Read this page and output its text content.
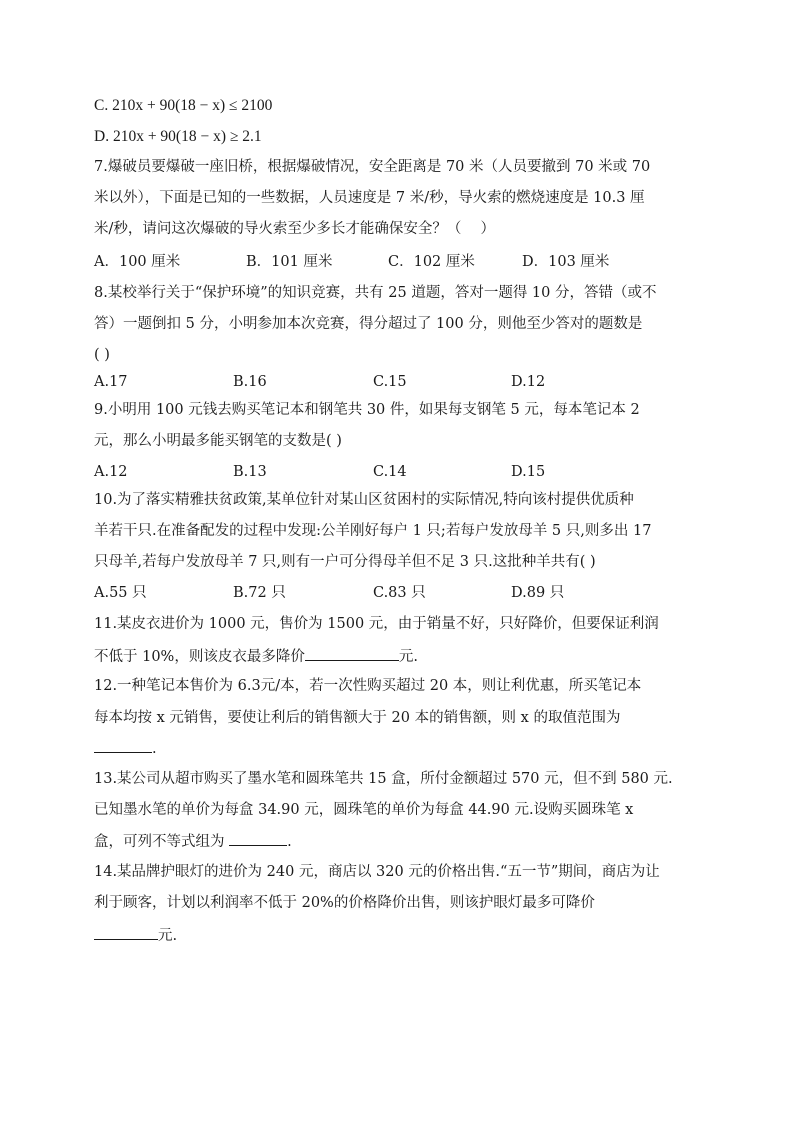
C. 210x + 90(18 − x) ≤ 2100
D. 210x + 90(18 − x) ≥ 2.1
7.爆破员要爆破一座旧桥，根据爆破情况，安全距离是 70 米（人员要撤到 70 米或 70
米以外），下面是已知的一些数据，人员速度是 7 米/秒，导火索的燃烧速度是 10.3 厘
米/秒，请问这次爆破的导火索至少多长才能确保安全？（　 ）
A．100 厘米	B．101 厘米	C．102 厘米	D．103 厘米
8.某校举行关于“保护环境”的知识竞赛，共有 25 道题，答对一题得 10 分，答错（或不
答）一题倒扣 5 分，小明参加本次竞赛，得分超过了 100 分，则他至少答对的题数是
( )
A.17	B.16	C.15	D.12
9.小明用 100 元钱去购买笔记本和钢笔共 30 件，如果每支钢笔 5 元，每本笔记本 2
元，那么小明最多能买钢笔的支数是( )
A.12	B.13	C.14	D.15
10.为了落实精雅扶贫政策,某单位针对某山区贫困村的实际情况,特向该村提供优质种
羊若干只.在准备配发的过程中发现:公羊刚好每户 1 只;若每户发放母羊 5 只,则多出 17
只母羊,若每户发放母羊 7 只,则有一户可分得母羊但不足 3 只.这批种羊共有( )
A.55 只	B.72 只	C.83 只	D.89 只
11.某皮衣进价为 1000 元，售价为 1500 元，由于销量不好，只好降价，但要保证利润
不低于 10%，则该皮衣最多降价	元.
12.一种笔记本售价为 6.3元/本，若一次性购买超过 20 本，则让利优惠，所买笔记本
每本均按 x 元销售，要使让利后的销售额大于 20 本的销售额，则 x 的取值范围为
.
13.某公司从超市购买了墨水笔和圆珠笔共 15 盒，所付金额超过 570 元，但不到 580 元.
已知墨水笔的单价为每盒 34.90 元，圆珠笔的单价为每盒 44.90 元.设购买圆珠笔 x
盒，可列不等式组为	.
14.某品牌护眼灯的进价为 240 元，商店以 320 元的价格出售.“五一节”期间，商店为让
利于顾客，计划以利润率不低于 20%的价格降价出售，则该护眼灯最多可降价
元.
